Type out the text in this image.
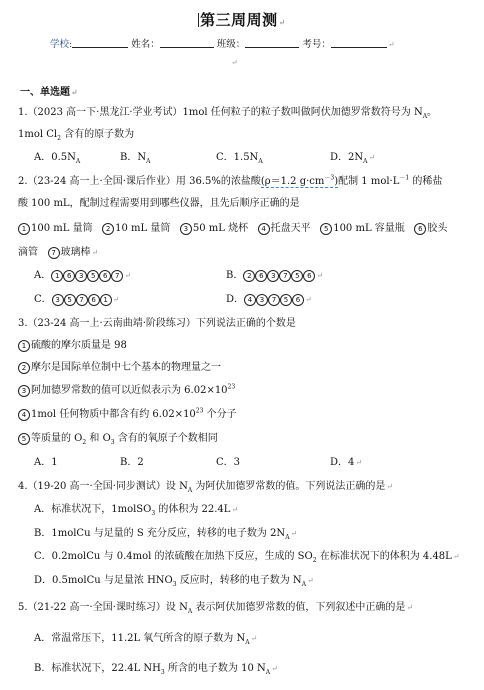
第三周周测↵
学校:	姓名：	班级：	考号：	↵
↵
一、单选题↵
1.（2023 高一下·黑龙江·学业考试）1mol 任何粒子的粒子数叫做阿伏加德罗常数符号为 $N_A$。
1mol $Cl_2$ 含有的原子数为
A．$0.5N_A$	B．$N_A$	C．$1.5N_A$	D．$2N_A↵$
2.（23-24 高一上·全国·课后作业）用 36.5%的浓盐酸(ρ＝1.2 $g\cdot cm^{-3}$)配制 1 $mol\cdot L^{-1}$ 的稀盐
酸 100 mL，配制过程需要用到哪些仪器，且先后顺序正确的是
1 100 mL 量筒 2 10 mL 量筒 3 50 mL 烧杯 4 托盘天平 5 100 mL 容量瓶 6 胶头
滴管 7 玻璃棒↵
A． 1 6 3 5 6 7 ↵	B． 2 6 3 7 5 6 ↵
C． 3 5 7 6 1 ↵	D． 4 3 7 5 6 ↵
3.（23-24 高一上·云南曲靖·阶段练习）下列说法正确的个数是
1 硫酸的摩尔质量是 98
2 摩尔是国际单位制中七个基本的物理量之一
3 阿加德罗常数的值可以近似表示为 $6.02\times 10^{23}$
4 1mol 任何物质中都含有约 $6.02\times 10^{23}$ 个分子
5 等质量的 $O_2$ 和 $O_3$ 含有的氧原子个数相同
A．1	B．2	C．3	D．4↵
4.（19-20 高一·全国·同步测试）设 $N_A$ 为阿伏加德罗常数的值。下列说法正确的是↵
A．标准状况下，1molSO$_3$ 的体积为 22.4L↵
B．1molCu 与足量的 S 充分反应，转移的电子数为 $2N_A↵$
C．0.2molCu 与 0.4mol 的浓硫酸在加热下反应，生成的 $SO_2$ 在标准状况下的体积为 4.48L↵
D．0.5molCu 与足量浓 $HNO_3$ 反应时，转移的电子数为 $N_A↵$
5.（21-22 高一·全国·课时练习）设 $N_A$ 表示阿伏加德罗常数的值，下列叙述中正确的是↵
A．常温常压下，11.2L 氧气所含的原子数为 $N_A↵$
B．标准状况下，22.4L $NH_3$ 所含的电子数为 10 $N_A↵$
